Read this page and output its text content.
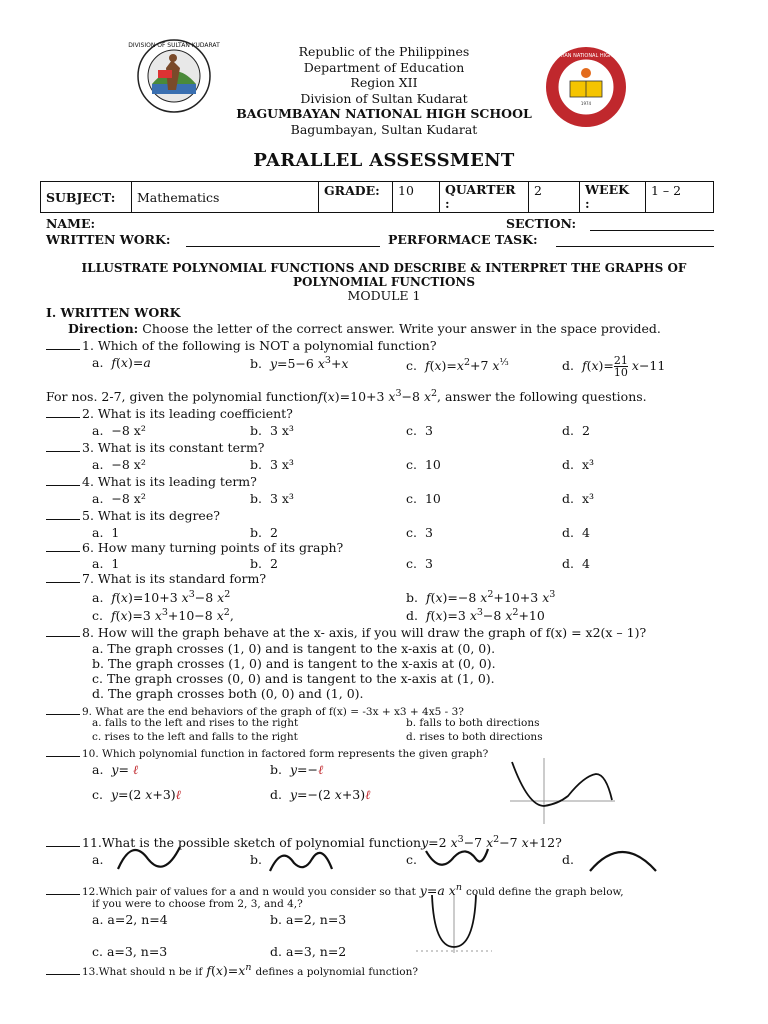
DIVISION OF SULTAN KUDARAT
1974
BAGUMBAYAN NATIONAL HIGH SCHOOL
Republic of the Philippines
Department of Education
Region XII
Division of Sultan Kudarat
BAGUMBAYAN NATIONAL HIGH SCHOOL
Bagumbayan, Sultan Kudarat
PARALLEL ASSESSMENT
SUBJECT:	Mathematics	GRADE:	10	QUARTER
:	2	WEEK
:	1 – 2
NAME:	SECTION:
WRITTEN WORK:	PERFORMACE TASK:
ILLUSTRATE POLYNOMIAL FUNCTIONS AND DESCRIBE & INTERPRET THE GRAPHS OF
POLYNOMIAL FUNCTIONS
MODULE 1
I. WRITTEN WORK
Direction: Choose the letter of the correct answer. Write your answer in the space provided.
1. Which of the following is NOT a polynomial function?
a. f(x)=a	b. y=5−6 $x^3+x$	c. $f(x)=x^2+7$ $x^{\frac{1}{3}}$	d. f(x)= 21
10 x−11
For nos. 2-7, given the polynomial functionf(x)=10+3 $x^3-8$ $x^2$, answer the following questions.
2. What is its leading coefficient?
a. −8 x²	b. 3 x³	c. 3	d. 2
3. What is its constant term?
a. −8 x²	b. 3 x³	c. 10	d. x³
4. What is its leading term?
a. −8 x²	b. 3 x³	c. 10	d. x³
5. What is its degree?
a. 1	b. 2	c. 3	d. 4
6. How many turning points of its graph?
a. 1	b. 2	c. 3	d. 4
7. What is its standard form?
a. f(x)=10+3 $x^3-8$ $x^2$	b. f(x)=−8 $x^2+10+3$ $x^3$
c. f(x)=3 $x^3+10-8$ $x^2$,	d. f(x)=3 $x^3-8$ $x^2+10$
8. How will the graph behave at the x- axis, if you will draw the graph of f(x) = x2(x – 1)?
a. The graph crosses (1, 0) and is tangent to the x-axis at (0, 0).
b. The graph crosses (1, 0) and is tangent to the x-axis at (0, 0).
c. The graph crosses (0, 0) and is tangent to the x-axis at (1, 0).
d. The graph crosses both (0, 0) and (1, 0).
9. What are the end behaviors of the graph of f(x) = -3x + x3 + 4x5 - 3?
a. falls to the left and rises to the right	b. falls to both directions
c. rises to the left and falls to the right	d. rises to both directions
10. Which polynomial function in factored form represents the given graph?
a. y= ℓ	b. y=−ℓ
c. y=(2 x+3)ℓ	d. y=−(2 x+3)ℓ
11.What is the possible sketch of polynomial functiony=2 $x^3-7$ $x^2-7$ x+12?
a.	b.	c.	d.
12.Which pair of values for a and n would you consider so that y=a $x^n$ could define the graph below,
if you were to choose from 2, 3, and 4,?
a. a=2, n=4	b. a=2, n=3
c. a=3, n=3	d. a=3, n=2
13.What should n be if $f(x)=x^n$ defines a polynomial function?
